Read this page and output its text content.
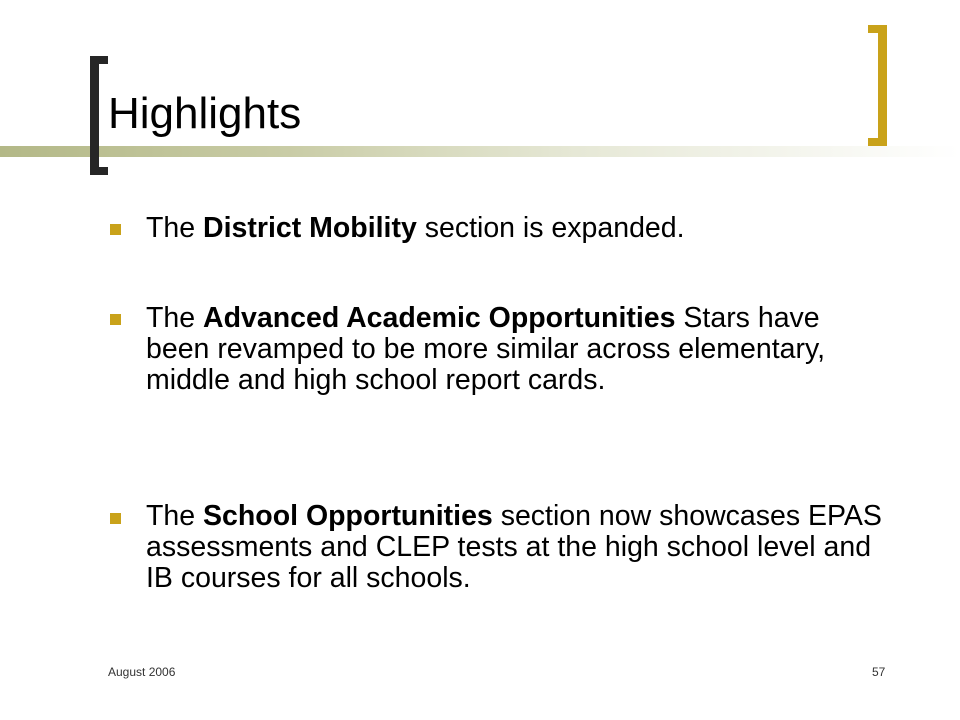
Highlights

The District Mobility section is expanded.

The Advanced Academic Opportunities Stars have been revamped to be more similar across elementary, middle and high school report cards.

The School Opportunities section now showcases EPAS assessments and CLEP tests at the high school level and IB courses for all schools.

August 2006	57
